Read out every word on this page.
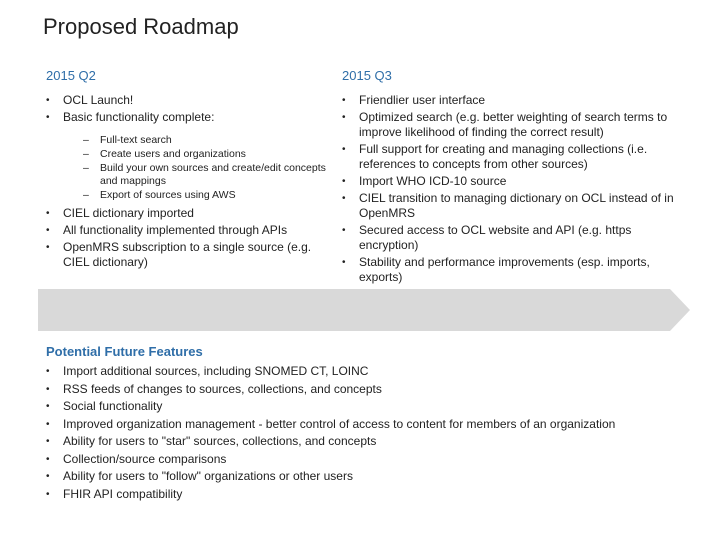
Proposed Roadmap
2015 Q2
• OCL Launch!
• Basic functionality complete:
– Full-text search
– Create users and organizations
– Build your own sources and create/edit concepts and mappings
– Export of sources using AWS
• CIEL dictionary imported
• All functionality implemented through APIs
• OpenMRS subscription to a single source (e.g. CIEL dictionary)
2015 Q3
• Friendlier user interface
• Optimized search (e.g. better weighting of search terms to improve likelihood of finding the correct result)
• Full support for creating and managing collections (i.e. references to concepts from other sources)
• Import WHO ICD-10 source
• CIEL transition to managing dictionary on OCL instead of in OpenMRS
• Secured access to OCL website and API (e.g. https encryption)
• Stability and performance improvements (esp. imports, exports)
Potential Future Features
• Import additional sources, including SNOMED CT, LOINC
• RSS feeds of changes to sources, collections, and concepts
• Social functionality
• Improved organization management - better control of access to content for members of an organization
• Ability for users to "star" sources, collections, and concepts
• Collection/source comparisons
• Ability for users to "follow" organizations or other users
• FHIR API compatibility
